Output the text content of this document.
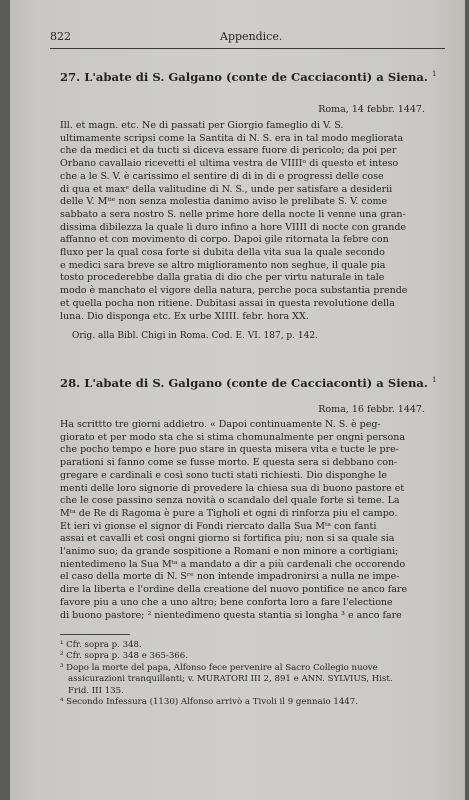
822	Appendice.
27. L'abate di S. Galgano (conte de Cacciaconti) a Siena. $^1$
Roma, 14 febbr. 1447.
Ill. et magn. etc. Ne di passati per Giorgio fameglio di V. S.
ultimamente scripsi come la Santita di N. S. era in tal modo megliorata
che da medici et da tucti si diceva essare fuore di pericolo; da poi per
Orbano cavallaio ricevetti el ultima vestra de VIIIIᵒ di questo et inteso
che a le S. V. è carissimo el sentire di di in di e progressi delle cose
di qua et maxᵉ della valitudine di N. S., unde per satisfare a desiderii
delle V. Mᵗⁱᵉ non senza molestia danimo aviso le prelibate S. V. come
sabbato a sera nostro S. nelle prime hore della nocte li venne una gran-
dissima dibilezza la quale li duro infino a hore VIIII di nocte con grande
affanno et con movimento di corpo. Dapoi gile ritornata la febre con
fluxo per la qual cosa forte si dubita della vita sua la quale secondo
e medici sara breve se altro miglioramento non seghue, il quale pia
tosto procederebbe dalla gratia di dio che per virtu naturale in tale
modo è manchato el vigore della natura, perche poca substantia prende
et quella pocha non ritiene. Dubitasi assai in questa revolutione della
luna. Dio disponga etc. Ex urbe XIIII. febr. hora XX.
Orig. alla Bibl. Chigi in Roma. Cod. E. VI. 187, p. 142.
28. L'abate di S. Galgano (conte de Cacciaconti) a Siena. $^1$
Roma, 16 febbr. 1447.
Ha scrittto tre giorni addietro. « Dapoi continuamente N. S. è peg-
giorato et per modo sta che si stima chomunalmente per ongni persona
che pocho tempo e hore puo stare in questa misera vita e tucte le pre-
parationi si fanno come se fusse morto. E questa sera si debbano con-
gregare e cardinali e così sono tucti stati richiesti. Dio disponghe le
menti delle loro signorie di provedere la chiesa sua di buono pastore et
che le cose passino senza novità o scandalo del quale forte si teme. La
Mᵗᵃ de Re di Ragoma è pure a Tigholi et ogni di rinforza piu el campo.
Et ieri vi gionse el signor di Fondi riercato dalla Sua Mᵗᵃ con fanti
assai et cavalli et così ongni giorno si fortifica piu; non si sa quale sia
l'animo suo; da grande sospitione a Romani e non minore a cortigiani;
nientedimeno la Sua Mᵗᵃ a mandato a dir a più cardenali che occorendo
el caso della morte di N. Sʳᵉ non intende impadronirsi a nulla ne impe-
dire la liberta e l'ordine della creatione del nuovo pontifice ne anco fare
favore piu a uno che a uno altro; bene conforta loro a fare l'electione
di buono pastore; ² nientedimeno questa stantia si longha ³ e anco fare
¹ Cfr. sopra p. 348.
² Cfr. sopra p. 348 e 365-366.
³ Dopo la morte del papa, Alfonso fece pervenire al Sacro Collegio nuove
assicurazioni tranquillanti; v. MURATORI III 2, 891 e ANN. SYLVIUS, Hist.
Frid. III 135.
⁴ Secondo Infessura (1130) Alfonso arrivò a Tivoli il 9 gennaio 1447.
